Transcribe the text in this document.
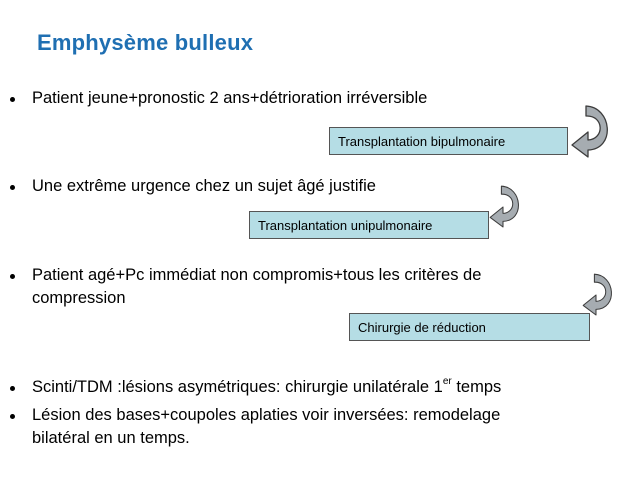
Emphysème bulleux
Patient jeune+pronostic 2 ans+détrioration irréversible
Transplantation bipulmonaire
Une extrême urgence chez un sujet âgé justifie
Transplantation unipulmonaire
Patient agé+Pc immédiat non compromis+tous les critères de
compression
Chirurgie de réduction
Scinti/TDM :lésions asymétriques: chirurgie unilatérale 1er temps
Lésion des bases+coupoles aplaties voir inversées: remodelage
bilatéral en un temps.
